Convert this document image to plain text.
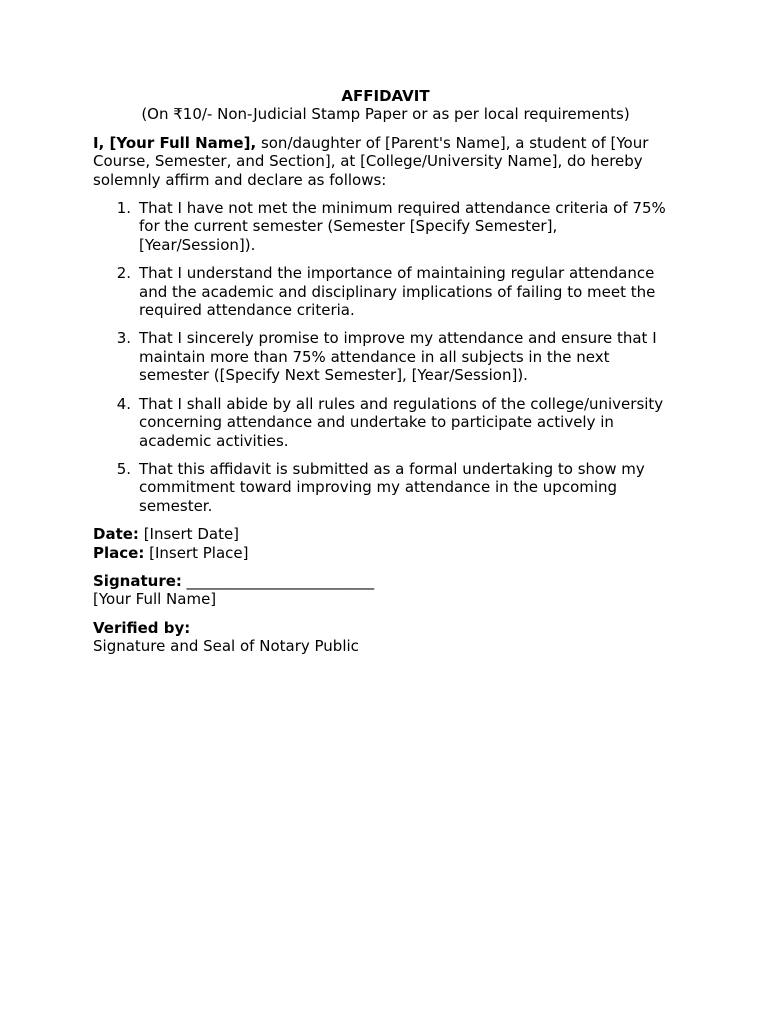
AFFIDAVIT

(On ₹10/- Non-Judicial Stamp Paper or as per local requirements)

I, [Your Full Name], son/daughter of [Parent's Name], a student of [Your Course, Semester, and Section], at [College/University Name], do hereby solemnly affirm and declare as follows:

1. That I have not met the minimum required attendance criteria of 75% for the current semester (Semester [Specify Semester], [Year/Session]).
2. That I understand the importance of maintaining regular attendance and the academic and disciplinary implications of failing to meet the required attendance criteria.
3. That I sincerely promise to improve my attendance and ensure that I maintain more than 75% attendance in all subjects in the next semester ([Specify Next Semester], [Year/Session]).
4. That I shall abide by all rules and regulations of the college/university concerning attendance and undertake to participate actively in academic activities.
5. That this affidavit is submitted as a formal undertaking to show my commitment toward improving my attendance in the upcoming semester.

Date: [Insert Date]

Place: [Insert Place]

Signature: _________________________

[Your Full Name]

Verified by:

Signature and Seal of Notary Public
